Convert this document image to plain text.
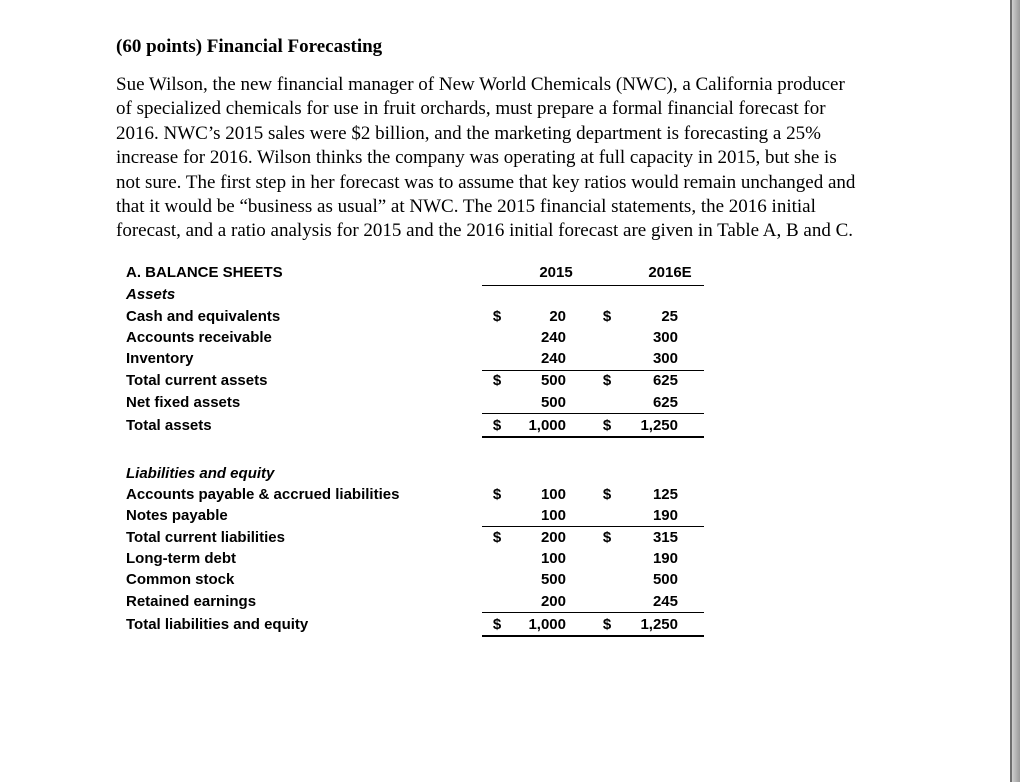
(60 points) Financial Forecasting
Sue Wilson, the new financial manager of New World Chemicals (NWC), a California producer
of specialized chemicals for use in fruit orchards, must prepare a formal financial forecast for
2016. NWC’s 2015 sales were $2 billion, and the marketing department is forecasting a 25%
increase for 2016. Wilson thinks the company was operating at full capacity in 2015, but she is
not sure. The first step in her forecast was to assume that key ratios would remain unchanged and
that it would be “business as usual” at NWC. The 2015 financial statements, the 2016 initial
forecast, and a ratio analysis for 2015 and the 2016 initial forecast are given in Table A, B and C.
A. BALANCE SHEETS	2015	2016E
Assets
Cash and equivalents	$	20 $	25
Accounts receivable	240	300
Inventory	240	300
Total current assets	$	500 $	625
Net fixed assets	500	625
Total assets	$	1,000 $	1,250
Liabilities and equity
Accounts payable & accrued liabilities	$	100 $	125
Notes payable	100	190
Total current liabilities	$	200 $	315
Long-term debt	100	190
Common stock	500	500
Retained earnings	200	245
Total liabilities and equity	$	1,000 $	1,250
